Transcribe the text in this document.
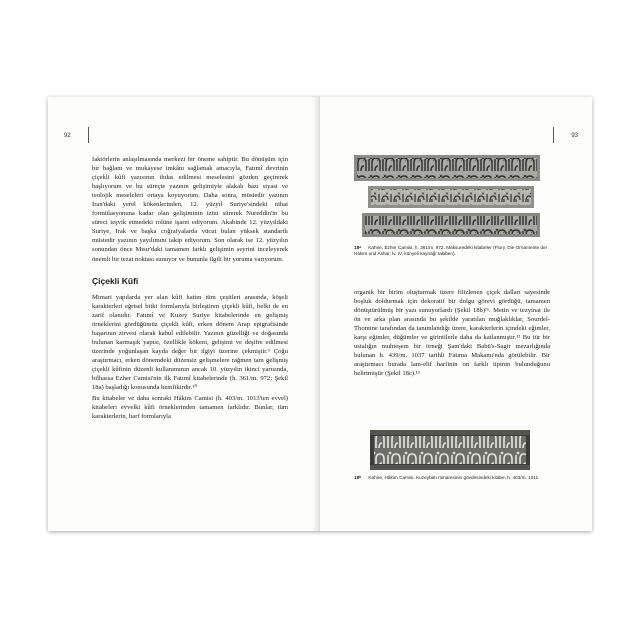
92

faktörlerin anlaşılmasında merkezi bir öneme sahiptir. Bu dönüşüm için bir bağlam ve mukayese imkânı sağlamak amacıyla, Fatımî devrinin çiçekli kûfi yazısının ihdas edilmesi meselesini gözden geçirerek başlıyorum ve bu süreçte yazının gelişimiyle alakalı bazı siyasi ve teolojik meseleleri ortaya koyuyorum. Daha sonra, müstedir yazının İran'daki yerel kökenlerinden, 12. yüzyıl Suriye'sindeki nihai formülasyonuna kadar olan gelişiminin izini sürerek Nureddin'in bu süreci teşvik etmedeki rolüne işaret ediyorum. Akabinde 12. yüzyıldaki Suriye, Irak ve başka coğrafyalarda vücut bulan yüksek standartlı müstedir yazının yayılımını takip ediyorum. Son olarak ise 12. yüzyılın sonundan önce Mısır'daki tamamen farklı gelişimin seyrini inceleyerek önemli bir tezat noktası sunuyor ve bununla ilgili bir yoruma varıyorum.

Çiçekli Kûfi

Mimari yapılarda yer alan kûfi hattın tüm çeşitleri arasında, köşeli karakterleri eğrisel bitki formlarıyla birleştiren çiçekli kûfi, belki de en zarif olanıdır. Fatımî ve Kuzey Suriye kitabelerinde en gelişmiş örneklerini gördüğümüz çiçekli kûfi, erken dönem Arap epigrafisinde başarının zirvesi olarak kabul edilebilir. Yazının güzelliği ve doğasında bulunan karmaşık yapısı, özellikle kökeni, gelişimi ve deşifre edilmesi üzerinde yoğunlaşan kayda değer bir ilgiyi üzerine çekmiştir.⁹ Çoğu araştırmacı, erken dönemdeki düzensiz gelişmelere rağmen tam gelişmiş çiçekli kûfinin düzenli kullanımının ancak 10. yüzyılın ikinci yarısında, bilhassa Ezher Camisi'nin ilk Fatımî kitabelerinde (h. 361/m. 972; Şekil 18a) başladığı konusunda hemfikirdir.¹⁰

Bu kitabeler ve daha sonraki Hâkim Camisi (h. 403/m. 1013'ten evvel) kitabeleri evvelki kûfi örneklerinden tamamen farklıdır. Bunlar, tüm karakterlerin, harf formlarıyla

93
18ᵃ Kahire, Ezher Camisi, h. 361/m. 972. Maksuredeki kitabeler (Flury, Die Ornamente der Hakim und Ashar, lv. IV, künyeli kaynağı takiben).

organik bir birim oluşturmak üzere filizlenen çiçek dalları sayesinde boşluk doldurmak için dekoratif bir dolgu görevi gördüğü, tamamen dönüştürülmüş bir yazı sunuyorlardı (Şekil 18b)¹¹. Metin ve tezyinat ile ön ve arka plan arasında bu şekilde yaratılan muğlaklıklar, Sourdel-Thomine tarafından da tanımlandığı üzere, karakterlerin içindeki eğimler, karşı eğimler, düğümler ve girintilerle daha da katlanmıştır.¹² Bu tür bir ustalığın muhteşem bir örneği Şam'daki Babü's-Sagir mezarlığında bulunan h. 439/m. 1037 tarihli Fatıma Makamı'nda görülebilir. Bir araştırmacı burada lam-elif harfinin on farklı tipinin bulunduğunu belirtmiştir (Şekil 18c).¹³

18ᵇ Kahire, Hâkim Camisi. Kuzeybatı minaresinin gövdesindeki kitabe, h. 403/m. 1011.
